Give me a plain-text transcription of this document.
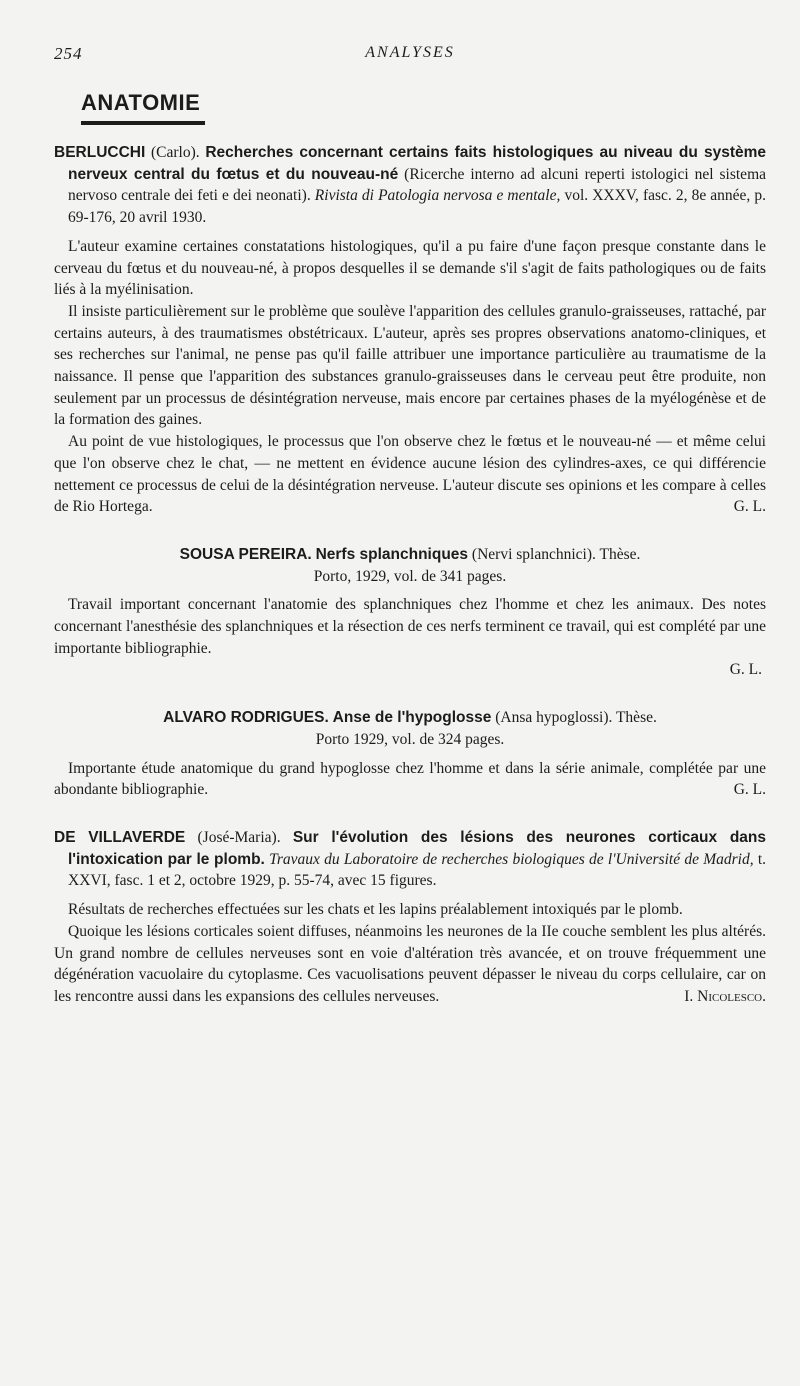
254	ANALYSES
ANATOMIE
BERLUCCHI (Carlo). Recherches concernant certains faits histologiques au niveau du système nerveux central du fœtus et du nouveau-né (Ricerche interno ad alcuni reperti istologici nel sistema nervoso centrale dei feti e dei neonati). Rivista di Patologia nervosa e mentale, vol. XXXV, fasc. 2, 8e année, p. 69-176, 20 avril 1930.

L'auteur examine certaines constatations histologiques, qu'il a pu faire d'une façon presque constante dans le cerveau du fœtus et du nouveau-né, à propos desquelles il se demande s'il s'agit de faits pathologiques ou de faits liés à la myélinisation.

Il insiste particulièrement sur le problème que soulève l'apparition des cellules granulo-graisseuses, rattaché, par certains auteurs, à des traumatismes obstétricaux. L'auteur, après ses propres observations anatomo-cliniques, et ses recherches sur l'animal, ne pense pas qu'il faille attribuer une importance particulière au traumatisme de la naissance. Il pense que l'apparition des substances granulo-graisseuses dans le cerveau peut être produite, non seulement par un processus de désintégration nerveuse, mais encore par certaines phases de la myélogénèse et de la formation des gaines.

Au point de vue histologiques, le processus que l'on observe chez le fœtus et le nouveau-né — et même celui que l'on observe chez le chat, — ne mettent en évidence aucune lésion des cylindres-axes, ce qui différencie nettement ce processus de celui de la désintégration nerveuse. L'auteur discute ses opinions et les compare à celles de Rio Hortega.	G. L.

SOUSA PEREIRA. Nerfs splanchniques (Nervi splanchnici). Thèse.
Porto, 1929, vol. de 341 pages.

Travail important concernant l'anatomie des splanchniques chez l'homme et chez les animaux. Des notes concernant l'anesthésie des splanchniques et la résection de ces nerfs terminent ce travail, qui est complété par une importante bibliographie.

G. L.
ALVARO RODRIGUES. Anse de l'hypoglosse (Ansa hypoglossi). Thèse.
Porto 1929, vol. de 324 pages.

Importante étude anatomique du grand hypoglosse chez l'homme et dans la série animale, complétée par une abondante bibliographie.	G. L.

DE VILLAVERDE (José-Maria). Sur l'évolution des lésions des neurones corticaux dans l'intoxication par le plomb. Travaux du Laboratoire de recherches biologiques de l'Université de Madrid, t. XXVI, fasc. 1 et 2, octobre 1929, p. 55-74, avec 15 figures.

Résultats de recherches effectuées sur les chats et les lapins préalablement intoxiqués par le plomb.

Quoique les lésions corticales soient diffuses, néanmoins les neurones de la IIe couche semblent les plus altérés. Un grand nombre de cellules nerveuses sont en voie d'altération très avancée, et on trouve fréquemment une dégénération vacuolaire du cytoplasme. Ces vacuolisations peuvent dépasser le niveau du corps cellulaire, car on les rencontre aussi dans les expansions des cellules nerveuses.	I. Nicolesco.
